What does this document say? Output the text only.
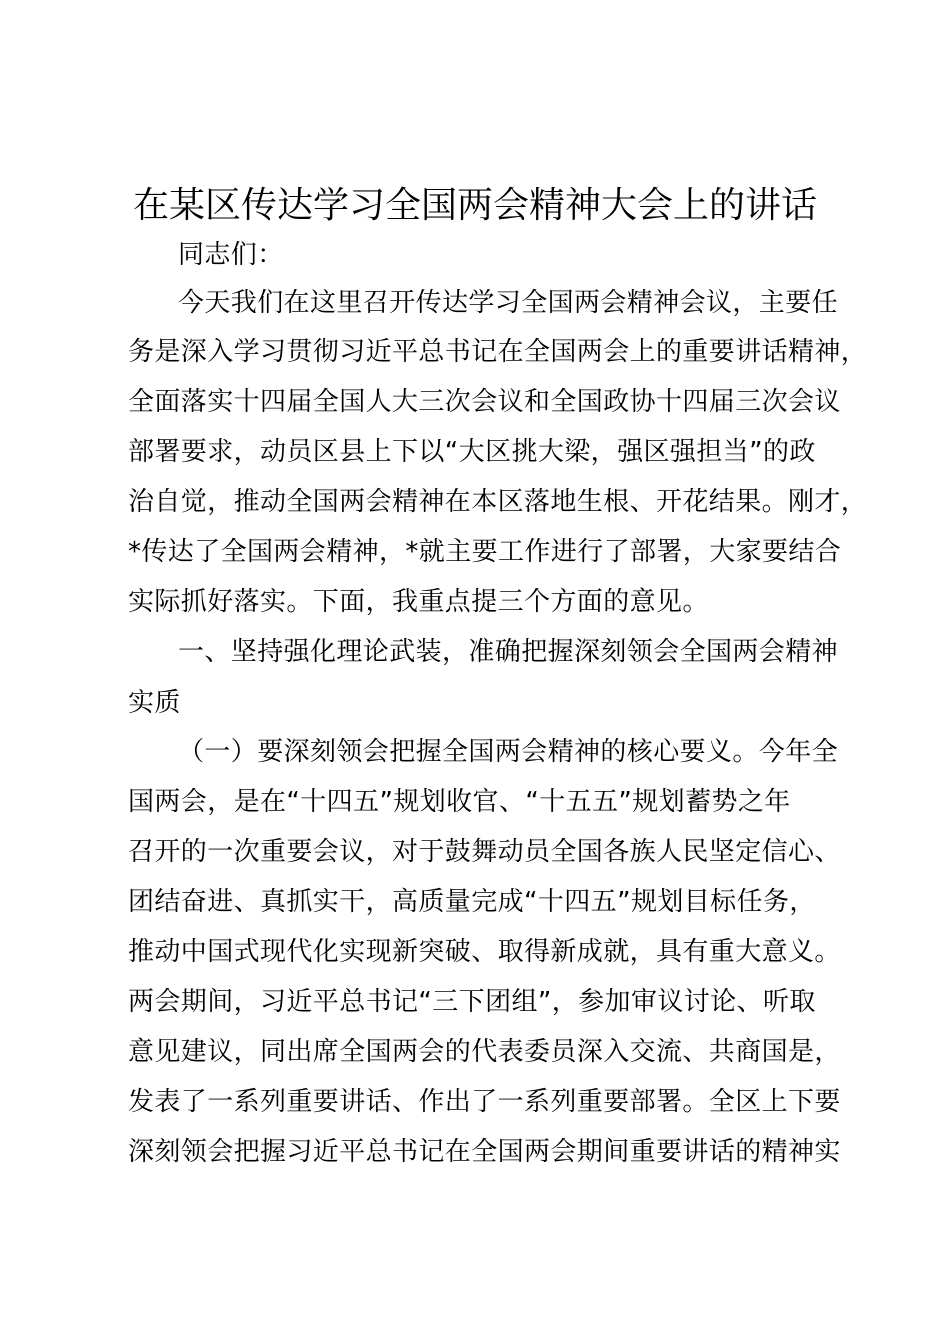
在某区传达学习全国两会精神大会上的讲话
同志们：
今天我们在这里召开传达学习全国两会精神会议，主要任
务是深入学习贯彻习近平总书记在全国两会上的重要讲话精神，
全面落实十四届全国人大三次会议和全国政协十四届三次会议
部署要求，动员区县上下以“大区挑大梁，强区强担当”的政
治自觉，推动全国两会精神在本区落地生根、开花结果。刚才，
*传达了全国两会精神，*就主要工作进行了部署，大家要结合
实际抓好落实。下面，我重点提三个方面的意见。
一、坚持强化理论武装，准确把握深刻领会全国两会精神
实质
（一）要深刻领会把握全国两会精神的核心要义。今年全
国两会，是在“十四五”规划收官、“十五五”规划蓄势之年
召开的一次重要会议，对于鼓舞动员全国各族人民坚定信心、
团结奋进、真抓实干，高质量完成“十四五”规划目标任务，
推动中国式现代化实现新突破、取得新成就，具有重大意义。
两会期间，习近平总书记“三下团组”，参加审议讨论、听取
意见建议，同出席全国两会的代表委员深入交流、共商国是，
发表了一系列重要讲话、作出了一系列重要部署。全区上下要
深刻领会把握习近平总书记在全国两会期间重要讲话的精神实
